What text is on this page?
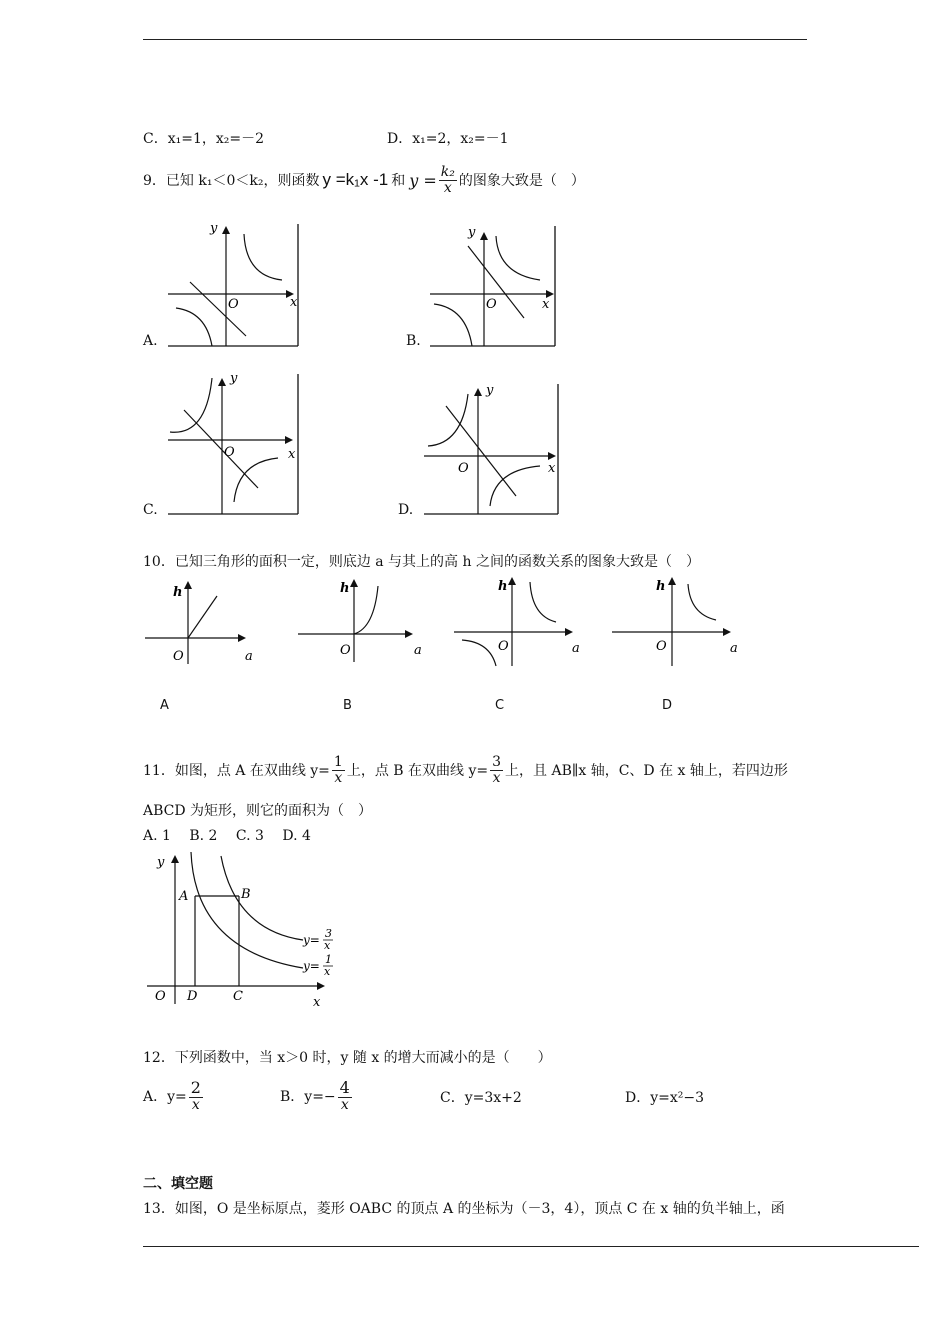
C．x₁=1，x₂=－2	D．x₁=2，x₂=－1
9．已知 k₁＜0＜k₂，则函数 y =k₁x -1 和 $y = \frac{\text{k₂}}{x}$ 的图象大致是（　）
A.
y
x
O
B.
y
x
O
C.
y
x
O
D.
y
x
O
10．已知三角形的面积一定，则底边 a 与其上的高 h 之间的函数关系的图象大致是（　）
h
a
O
A
h
a
O
B
h
a
O
C
h
a
O
D
11．如图，点 A 在双曲线 $y= \frac{1}{x}$ 上，点 B 在双曲线 $y= \frac{3}{x}$ 上，且 AB∥x 轴，C、D 在 x 轴上，若四边形
ABCD 为矩形，则它的面积为（　）
A. 1　 B. 2　 C. 3　 D. 4
y
x
O
A	B
C
D
y= 3
x
y= 1
x
12．下列函数中，当 x＞0 时，y 随 x 的增大而减小的是（　　）
A．$y= \frac{2}{x}$	B．$y=- \frac{4}{x}$	C．y=3x+2	D．y=x²−3
二、填空题
13．如图，O 是坐标原点，菱形 OABC 的顶点 A 的坐标为（－3，4），顶点 C 在 x 轴的负半轴上，函
